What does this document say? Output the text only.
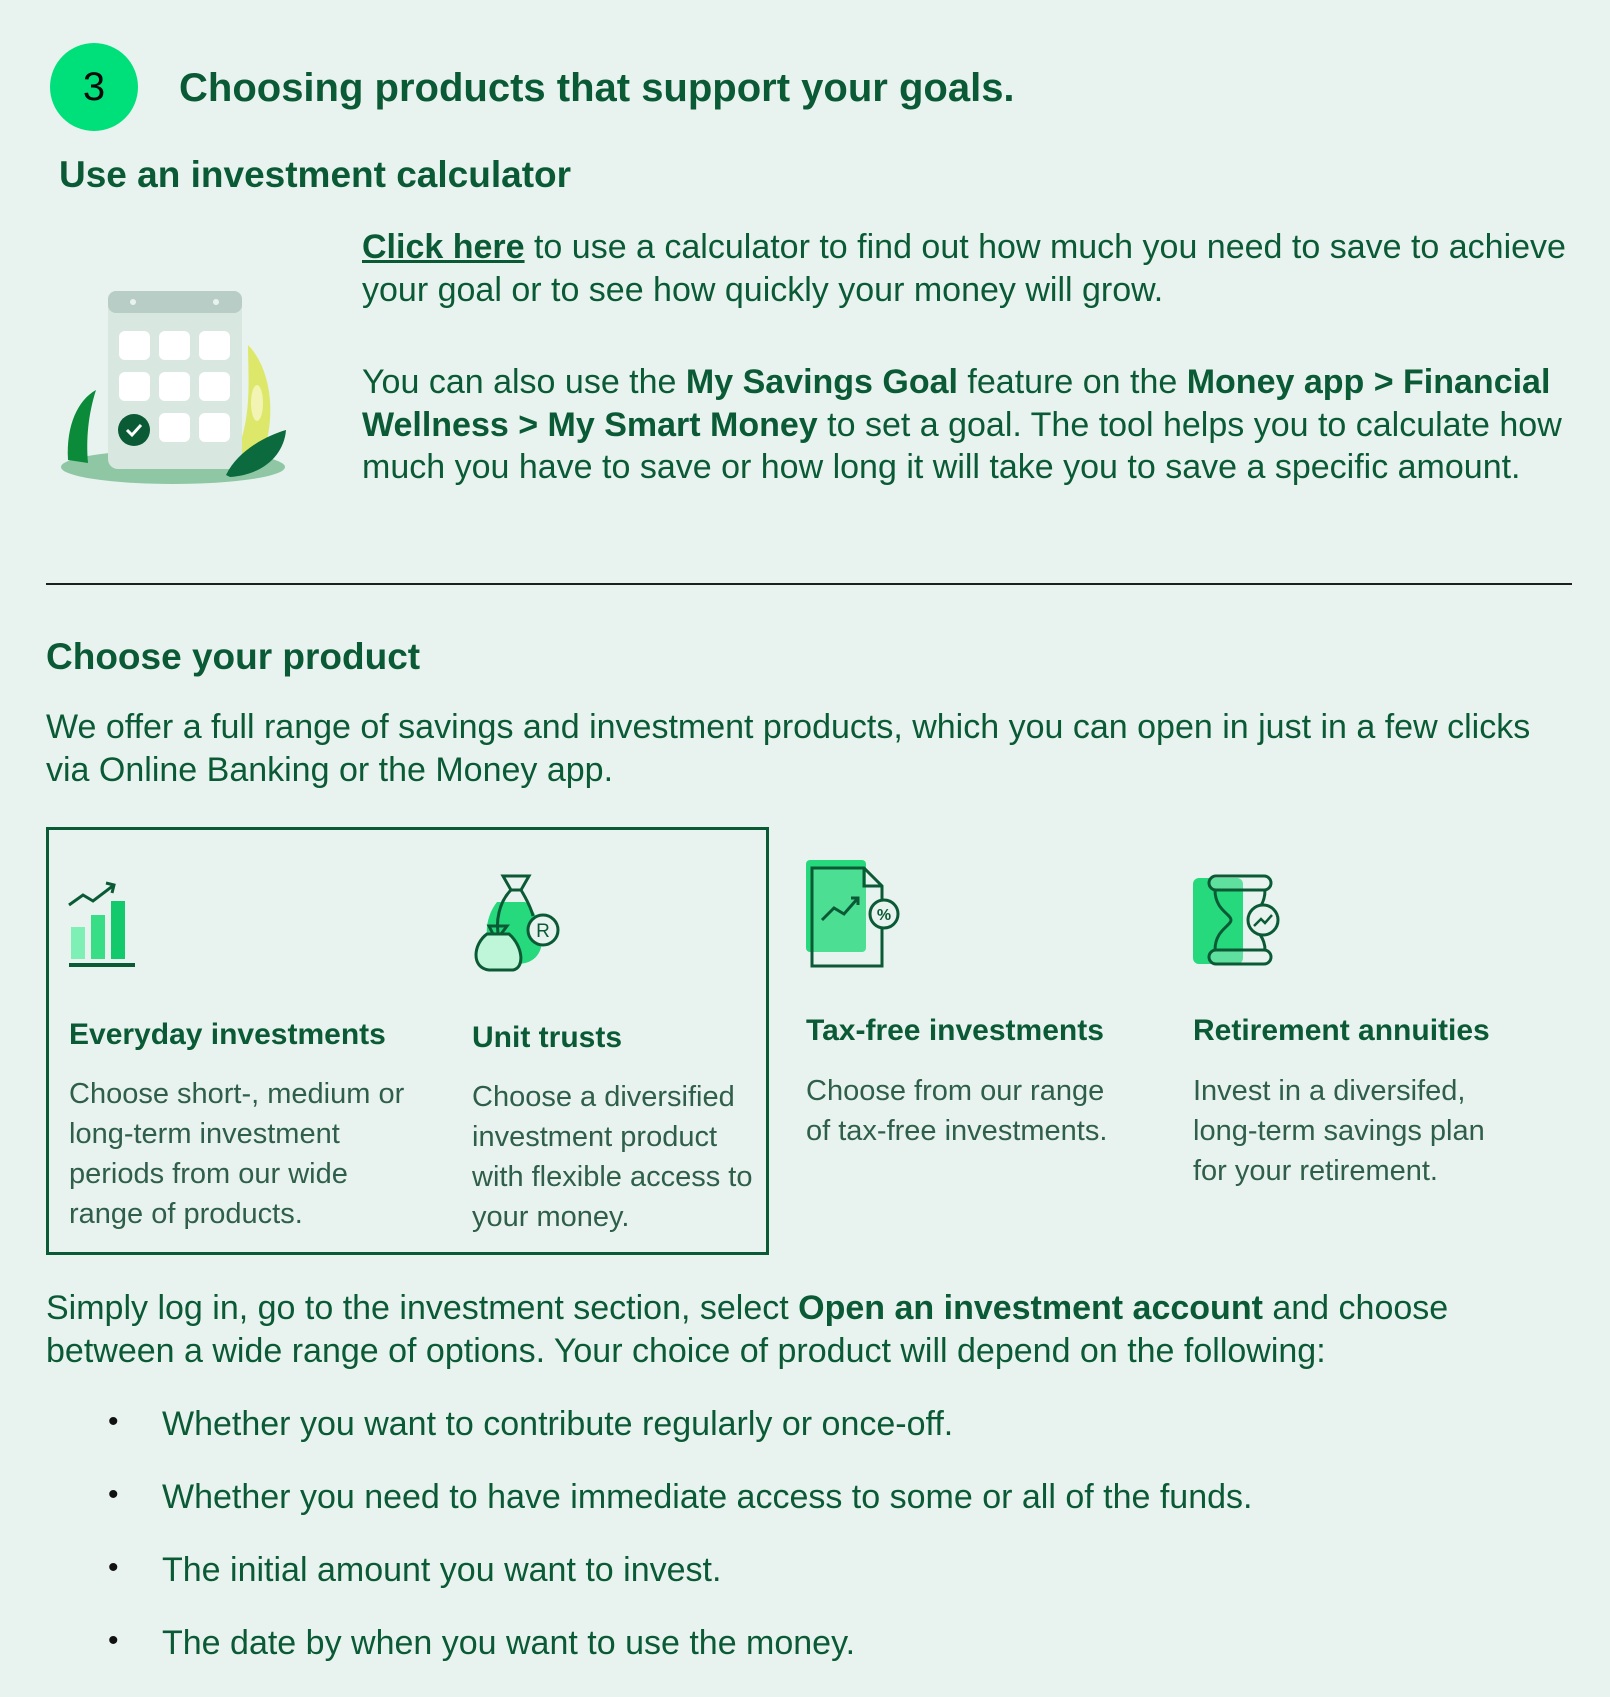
3 Choosing products that support your goals.
Use an investment calculator
Click here to use a calculator to find out how much you need to save to achieve your goal or to see how quickly your money will grow.
You can also use the My Savings Goal feature on the Money app > Financial Wellness > My Smart Money to set a goal. The tool helps you to calculate how much you have to save or how long it will take you to save a specific amount.
Choose your product
We offer a full range of savings and investment products, which you can open in just in a few clicks via Online Banking or the Money app.
Everyday investments
Choose short-, medium or long-term investment periods from our wide range of products.
R
Unit trusts
Choose a diversified investment product with flexible access to your money.
%
Tax-free investments
Choose from our range of tax-free investments.
Retirement annuities
Invest in a diversifed, long-term savings plan for your retirement.
Simply log in, go to the investment section, select Open an investment account and choose between a wide range of options. Your choice of product will depend on the following:
• Whether you want to contribute regularly or once-off.
• Whether you need to have immediate access to some or all of the funds.
• The initial amount you want to invest.
• The date by when you want to use the money.
